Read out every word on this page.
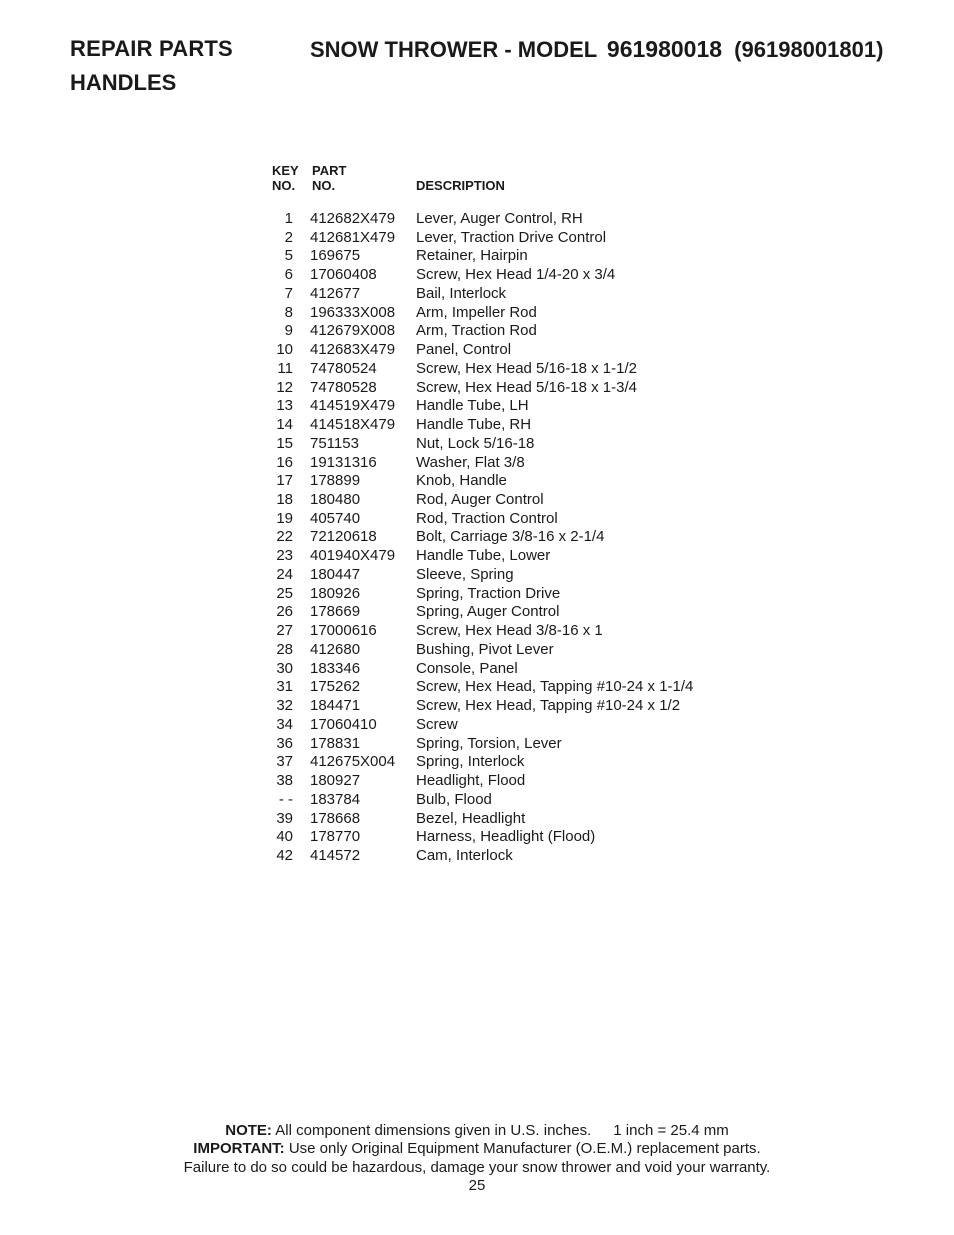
REPAIR PARTS	SNOW THROWER - MODEL 961980018 (96198001801)
HANDLES
KEY
NO.
PART
NO.	DESCRIPTION
1 412682X479 Lever, Auger Control, RH
2 412681X479 Lever, Traction Drive Control
5 169675	Retainer, Hairpin
6 17060408	Screw, Hex Head 1/4-20 x 3/4
7 412677	Bail, Interlock
8 196333X008 Arm, Impeller Rod
9 412679X008 Arm, Traction Rod
10 412683X479 Panel, Control
11 74780524	Screw, Hex Head 5/16-18 x 1-1/2
12 74780528	Screw, Hex Head 5/16-18 x 1-3/4
13 414519X479 Handle Tube, LH
14 414518X479 Handle Tube, RH
15 751153	Nut, Lock 5/16-18
16 19131316	Washer, Flat 3/8
17 178899	Knob, Handle
18 180480	Rod, Auger Control
19 405740	Rod, Traction Control
22 72120618	Bolt, Carriage 3/8-16 x 2-1/4
23 401940X479 Handle Tube, Lower
24 180447	Sleeve, Spring
25 180926	Spring, Traction Drive
26 178669	Spring, Auger Control
27 17000616	Screw, Hex Head 3/8-16 x 1
28 412680	Bushing, Pivot Lever
30 183346	Console, Panel
31 175262	Screw, Hex Head, Tapping #10-24 x 1-1/4
32 184471	Screw, Hex Head, Tapping #10-24 x 1/2
34 17060410	Screw
36 178831	Spring, Torsion, Lever
37 412675X004 Spring, Interlock
38 180927	Headlight, Flood
- - 183784	Bulb, Flood
39 178668	Bezel, Headlight
40 178770	Harness, Headlight (Flood)
42 414572	Cam, Interlock
NOTE: All component dimensions given in U.S. inches. 1 inch = 25.4 mm
IMPORTANT: Use only Original Equipment Manufacturer (O.E.M.) replacement parts.
Failure to do so could be hazardous, damage your snow thrower and void your warranty.
25
